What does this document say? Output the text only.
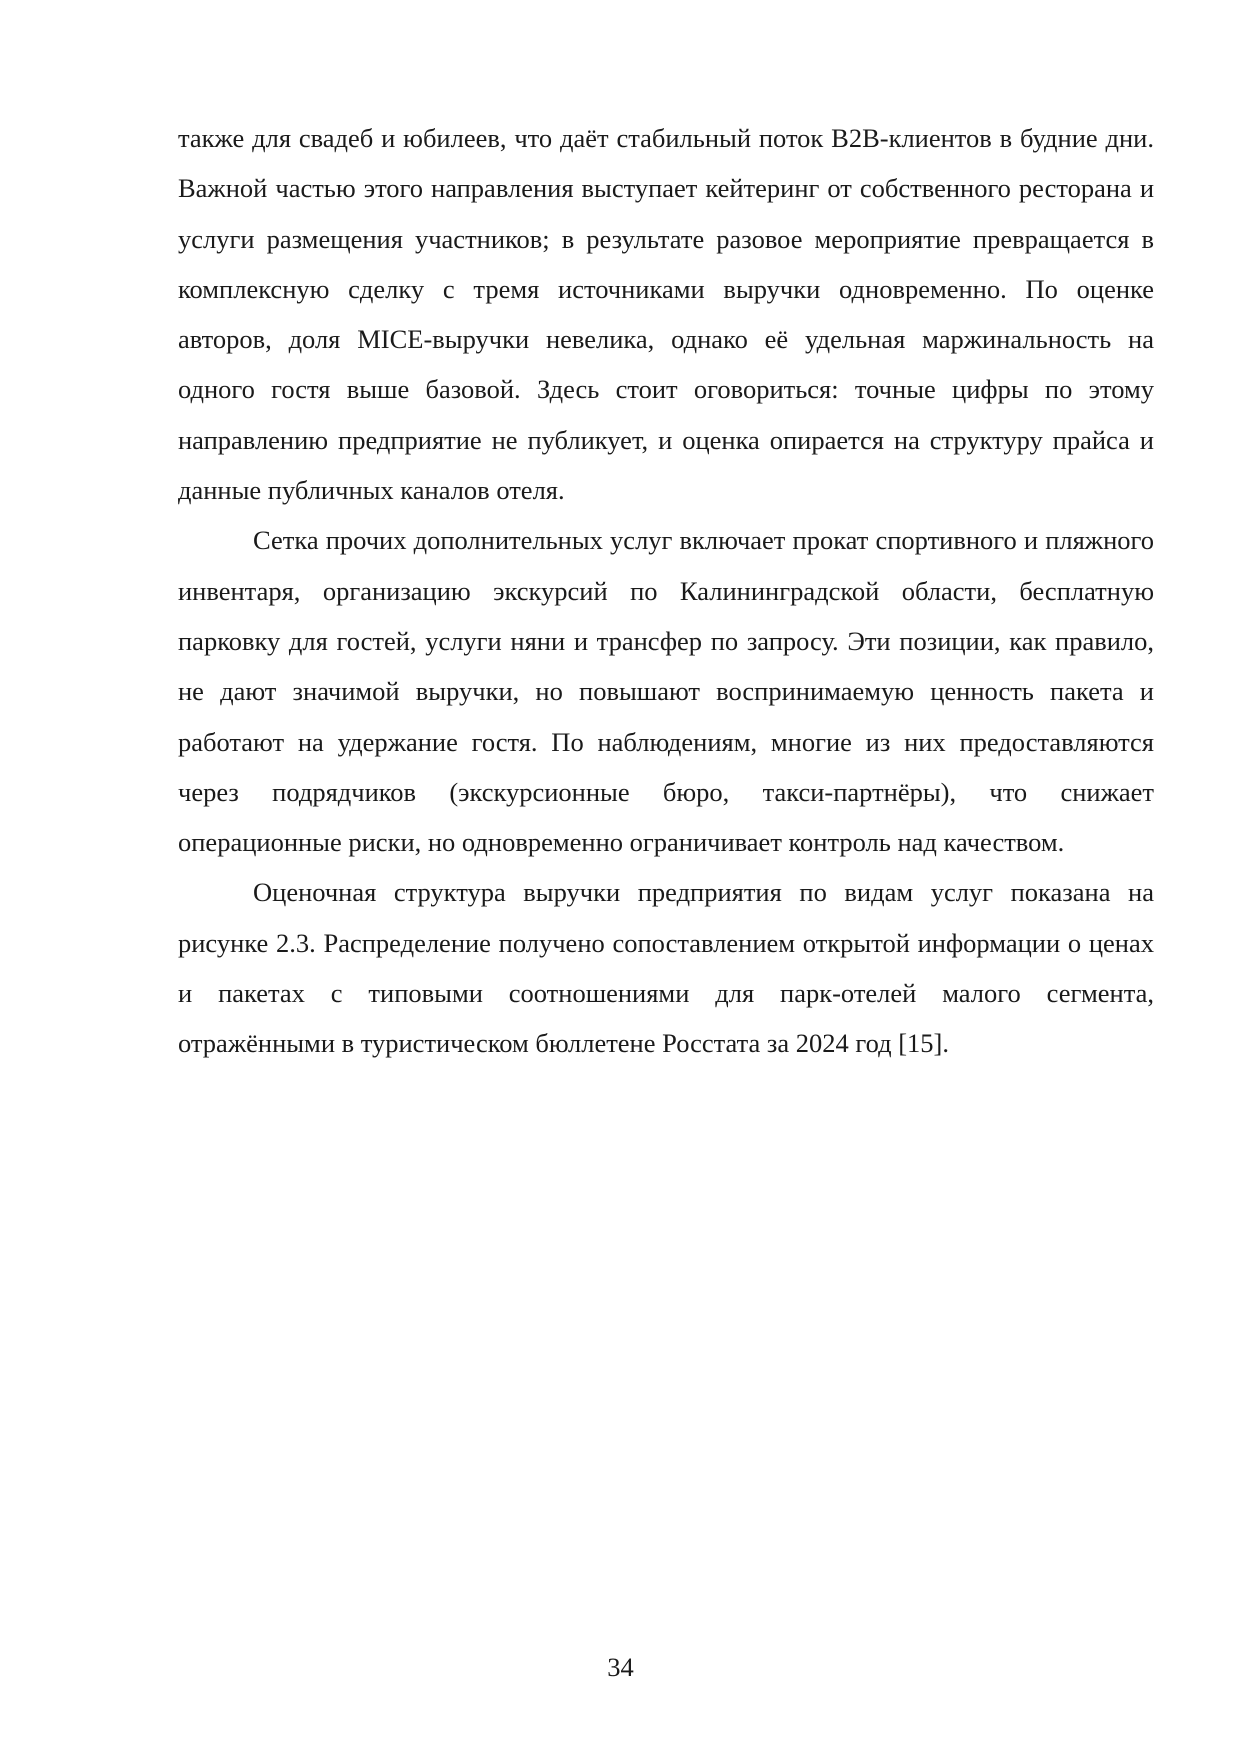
также для свадеб и юбилеев, что даёт стабильный поток B2B-клиентов в будние дни. Важной частью этого направления выступает кейтеринг от собственного ресторана и услуги размещения участников; в результате разовое мероприятие превращается в комплексную сделку с тремя источниками выручки одновременно. По оценке авторов, доля MICE-выручки невелика, однако её удельная маржинальность на одного гостя выше базовой. Здесь стоит оговориться: точные цифры по этому направлению предприятие не публикует, и оценка опирается на структуру прайса и данные публичных каналов отеля.

Сетка прочих дополнительных услуг включает прокат спортивного и пляжного инвентаря, организацию экскурсий по Калининградской области, бесплатную парковку для гостей, услуги няни и трансфер по запросу. Эти позиции, как правило, не дают значимой выручки, но повышают воспринимаемую ценность пакета и работают на удержание гостя. По наблюдениям, многие из них предоставляются через подрядчиков (экскурсионные бюро, такси-партнёры), что снижает операционные риски, но одновременно ограничивает контроль над качеством.

Оценочная структура выручки предприятия по видам услуг показана на рисунке 2.3. Распределение получено сопоставлением открытой информации о ценах и пакетах с типовыми соотношениями для парк-отелей малого сегмента, отражёнными в туристическом бюллетене Росстата за 2024 год [15].

34
